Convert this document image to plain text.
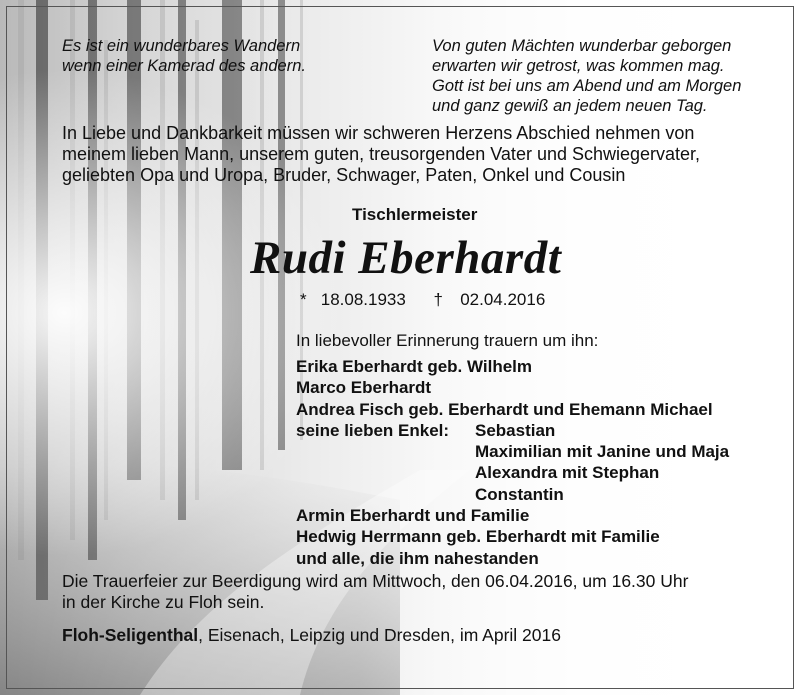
Es ist ein wunderbares Wandern
wenn einer Kamerad des andern.
Von guten Mächten wunderbar geborgen
erwarten wir getrost, was kommen mag.
Gott ist bei uns am Abend und am Morgen
und ganz gewiß an jedem neuen Tag.
In Liebe und Dankbarkeit müssen wir schweren Herzens Abschied nehmen von
meinem lieben Mann, unserem guten, treusorgenden Vater und Schwiegervater,
geliebten Opa und Uropa, Bruder, Schwager, Paten, Onkel und Cousin
Tischlermeister
Rudi Eberhardt
* 18.08.1933 † 02.04.2016
In liebevoller Erinnerung trauern um ihn:
Erika Eberhardt geb. Wilhelm
Marco Eberhardt
Andrea Fisch geb. Eberhardt und Ehemann Michael
seine lieben Enkel: Sebastian
Maximilian mit Janine und Maja
Alexandra mit Stephan
Constantin
Armin Eberhardt und Familie
Hedwig Herrmann geb. Eberhardt mit Familie
und alle, die ihm nahestanden
Die Trauerfeier zur Beerdigung wird am Mittwoch, den 06.04.2016, um 16.30 Uhr
in der Kirche zu Floh sein.
Floh-Seligenthal, Eisenach, Leipzig und Dresden, im April 2016
